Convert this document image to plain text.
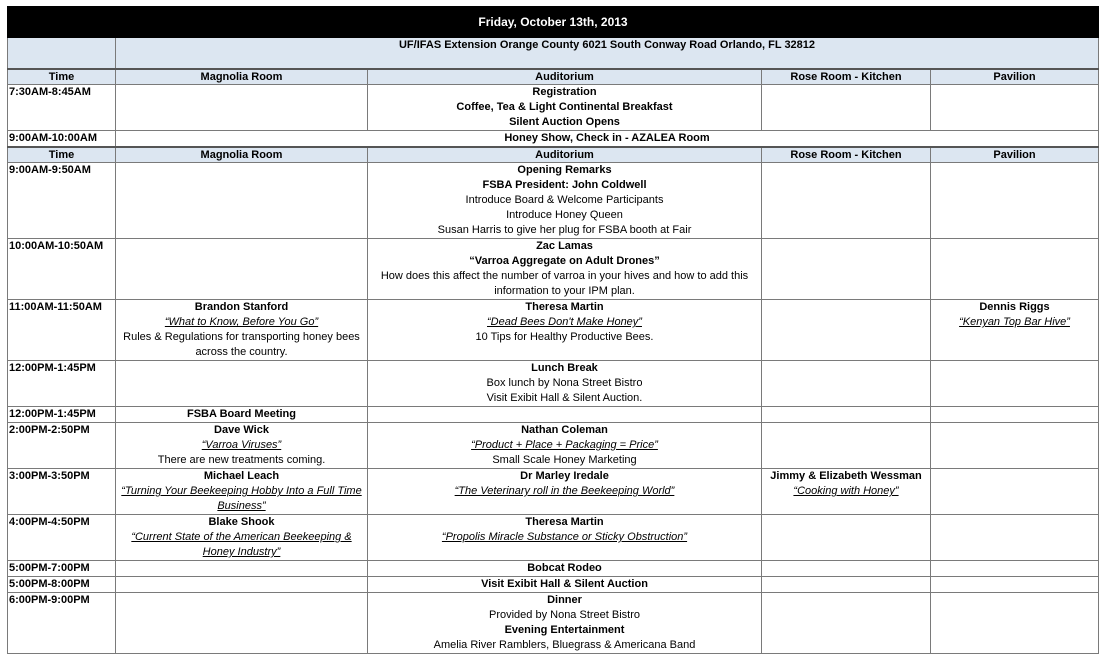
Friday, October 13th, 2013				
	UF/IFAS Extension Orange County 6021 South Conway Road Orlando, FL 32812			
Time	Magnolia Room	Auditorium	Rose Room - Kitchen	Pavilion
7:30AM-8:45AM		Registration
Coffee, Tea & Light Continental Breakfast
Silent Auction Opens		

9:00AM-10:00AM	Honey Show, Check in - AZALEA Room			
Time	Magnolia Room	Auditorium	Rose Room - Kitchen	Pavilion
9:00AM-9:50AM		Opening Remarks
FSBA President: John Coldwell
Introduce Board & Welcome Participants
Introduce Honey Queen
Susan Harris to give her plug for FSBA booth at Fair		

10:00AM-10:50AM		Zac Lamas
“Varroa Aggregate on Adult Drones”
How does this affect the number of varroa in your hives and how to add this information to your IPM plan.		

11:00AM-11:50AM	Brandon Stanford
“What to Know, Before You Go”
Rules & Regulations for transporting honey bees across the country.	Theresa Martin
“Dead Bees Don't Make Honey”
10 Tips for Healthy Productive Bees.		Dennis Riggs
“Kenyan Top Bar Hive”

12:00PM-1:45PM		Lunch Break
Box lunch by Nona Street Bistro
Visit Exibit Hall & Silent Auction.		

12:00PM-1:45PM	FSBA Board Meeting			
2:00PM-2:50PM	Dave Wick
“Varroa Viruses”
There are new treatments coming.	Nathan Coleman
“Product + Place + Packaging = Price”
Small Scale Honey Marketing		

3:00PM-3:50PM	Michael Leach
“Turning Your Beekeeping Hobby Into a Full Time Business”	Dr Marley Iredale
“The Veterinary roll in the Beekeeping World”	Jimmy & Elizabeth Wessman
“Cooking with Honey”	

4:00PM-4:50PM	Blake Shook
“Current State of the American Beekeeping & Honey Industry”	Theresa Martin
“Propolis Miracle Substance or Sticky Obstruction”		

5:00PM-7:00PM		Bobcat Rodeo		
5:00PM-8:00PM		Visit Exibit Hall & Silent Auction		
6:00PM-9:00PM		Dinner
Provided by Nona Street Bistro
Evening Entertainment
Amelia River Ramblers, Bluegrass & Americana Band		
